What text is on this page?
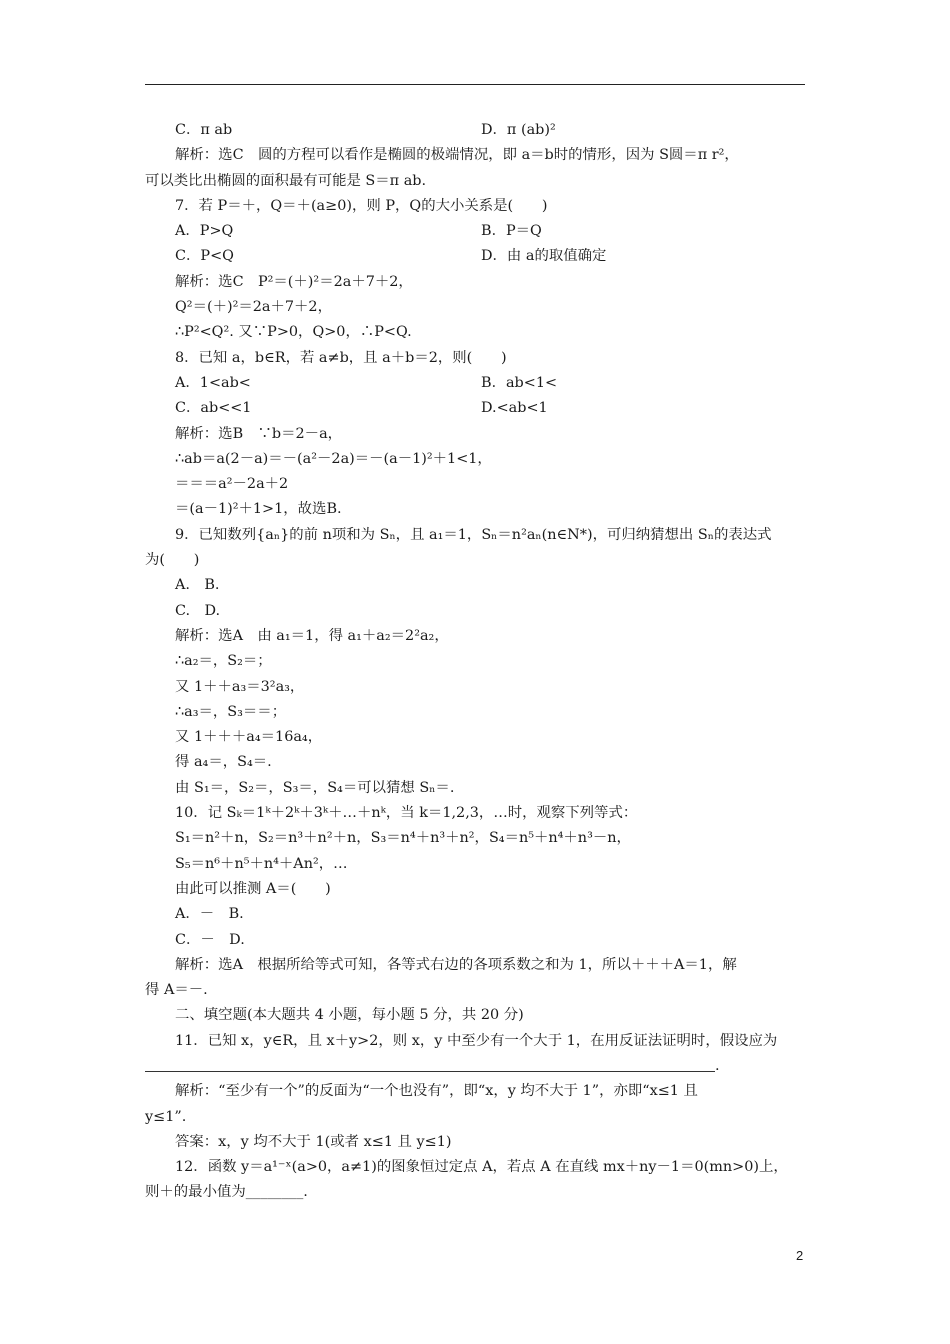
C．π ab	D．π (ab)²
解析：选C　圆的方程可以看作是椭圆的极端情况，即 a＝b时的情形，因为 S圆＝π r²，
可以类比出椭圆的面积最有可能是 S＝π ab.
7．若 P＝＋，Q＝＋(a≥0)，则 P，Q的大小关系是(　　)
A．P>Q	B．P＝Q
C．P<Q	D．由 a的取值确定
解析：选C　P²＝(＋)²＝2a＋7＋2，
Q²＝(＋)²＝2a＋7＋2，
∴P²<Q². 又∵P>0，Q>0，∴P<Q.
8．已知 a，b∈R，若 a≠b，且 a＋b＝2，则(　　)
A．1<ab<	B．ab<1<
C．ab<<1	D.<ab<1
解析：选B　∵b＝2－a，
∴ab＝a(2－a)＝－(a²－2a)＝－(a－1)²＋1<1，
＝＝＝a²－2a＋2
＝(a－1)²＋1>1，故选B.
9．已知数列{aₙ}的前 n项和为 Sₙ，且 a₁＝1，Sₙ＝n²aₙ(n∈N*)，可归纳猜想出 Sₙ的表达式
为(　　)
A.　B.
C.　D.
解析：选A　由 a₁＝1，得 a₁＋a₂＝2²a₂，
∴a₂＝，S₂＝；
又 1＋＋a₃＝3²a₃，
∴a₃＝，S₃＝＝；
又 1＋＋＋a₄＝16a₄，
得 a₄＝，S₄＝.
由 S₁＝，S₂＝，S₃＝，S₄＝可以猜想 Sₙ＝.
10．记 Sₖ＝1ᵏ＋2ᵏ＋3ᵏ＋…＋nᵏ，当 k＝1,2,3，…时，观察下列等式：
S₁＝n²＋n，S₂＝n³＋n²＋n，S₃＝n⁴＋n³＋n²，S₄＝n⁵＋n⁴＋n³－n，
S₅＝n⁶＋n⁵＋n⁴＋An²，…
由此可以推测 A＝(　　)
A．－　B.
C．－　D.
解析：选A　根据所给等式可知，各等式右边的各项系数之和为 1，所以＋＋＋A＝1，解
得 A＝－.
二、填空题(本大题共 4 小题，每小题 5 分，共 20 分)
11．已知 x，y∈R，且 x＋y>2，则 x，y 中至少有一个大于 1，在用反证法证明时，假设应为
.
解析：“至少有一个”的反面为“一个也没有”，即“x，y 均不大于 1”，亦即“x≤1 且
y≤1”.
答案：x，y 均不大于 1(或者 x≤1 且 y≤1)
12．函数 y＝a¹⁻ˣ(a>0，a≠1)的图象恒过定点 A，若点 A 在直线 mx＋ny－1＝0(mn>0)上，
则＋的最小值为________.
2
